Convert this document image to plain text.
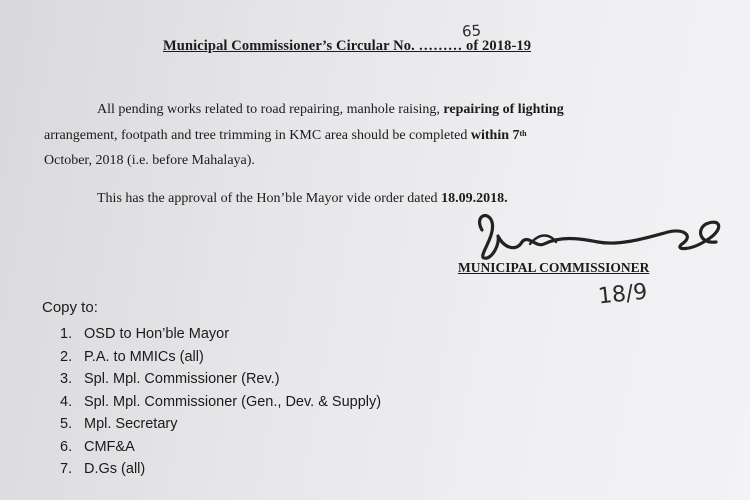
Municipal Commissioner’s Circular No. ……… of 2018-19
65
All pending works related to road repairing, manhole raising, repairing of lighting
arrangement, footpath and tree trimming in KMC area should be completed within 7th
October, 2018 (i.e. before Mahalaya).
This has the approval of the Hon’ble Mayor vide order dated 18.09.2018.
MUNICIPAL COMMISSIONER
18/9
Copy to:
1. OSD to Hon’ble Mayor
2. P.A. to MMICs (all)
3. Spl. Mpl. Commissioner (Rev.)
4. Spl. Mpl. Commissioner (Gen., Dev. & Supply)
5. Mpl. Secretary
6. CMF&A
7. D.Gs (all)
